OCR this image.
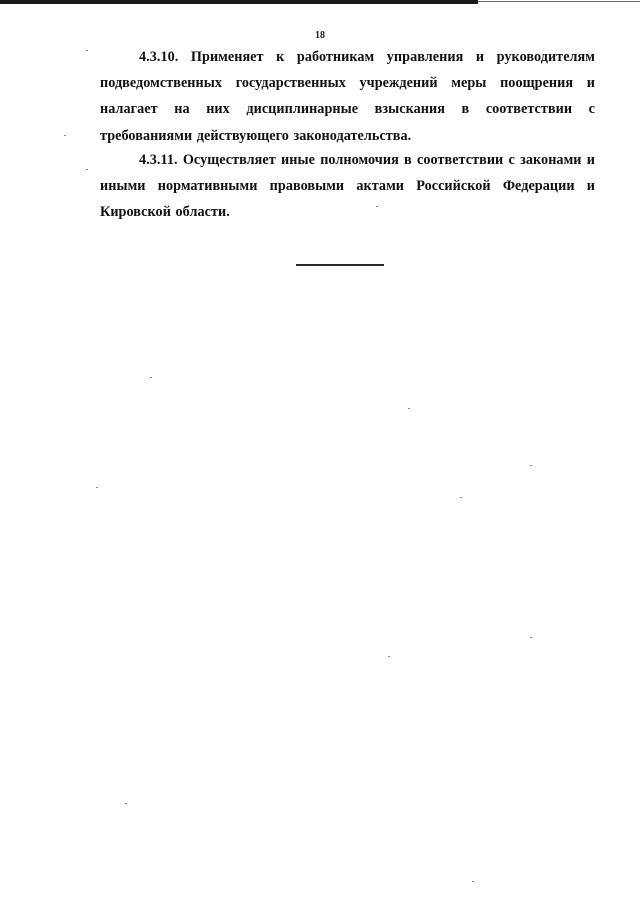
18

4.3.10. Применяет к работникам управления и руководителям подведомственных государственных учреждений меры поощрения и налагает на них дисциплинарные взыскания в соответствии с требованиями действующего законодательства.

4.3.11. Осуществляет иные полномочия в соответствии с законами и иными нормативными правовыми актами Российской Федерации и Кировской области.
